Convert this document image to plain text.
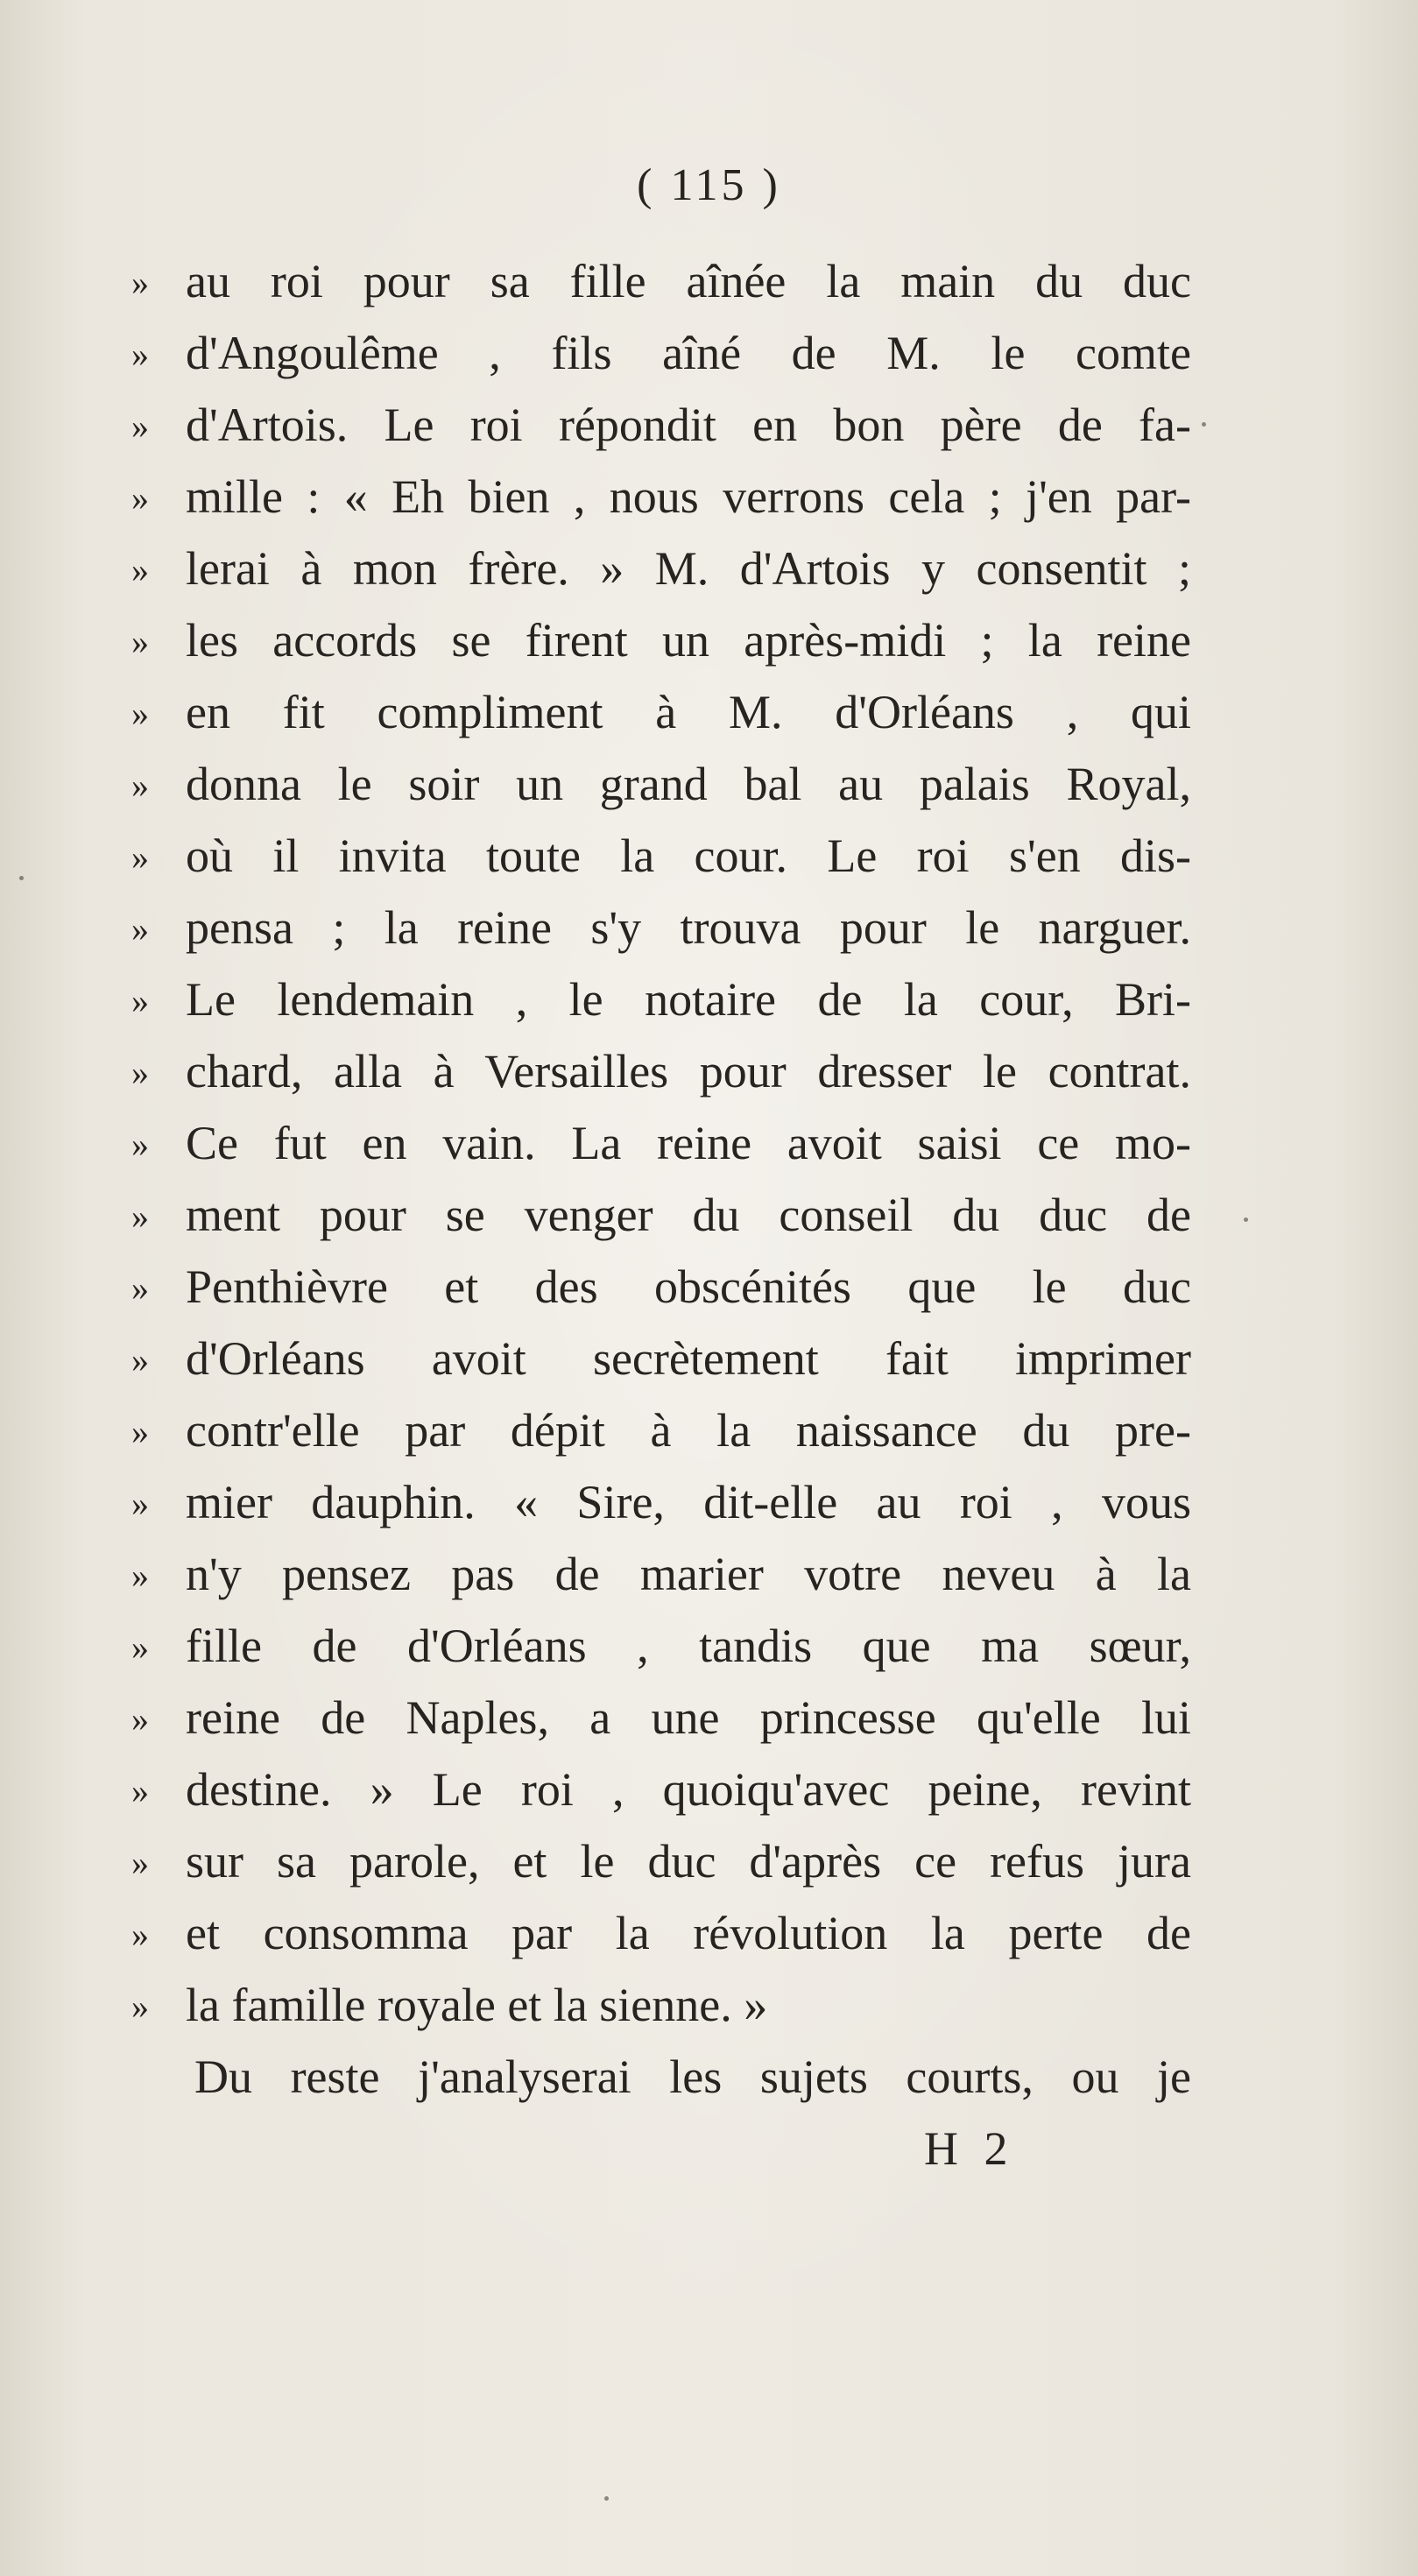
( 115 )
» au roi pour sa fille aînée la main du duc
» d'Angoulême , fils aîné de M. le comte
» d'Artois. Le roi répondit en bon père de fa-
» mille : « Eh bien , nous verrons cela ; j'en par-
» lerai à mon frère. » M. d'Artois y consentit ;
» les accords se firent un après-midi ; la reine
» en fit compliment à M. d'Orléans , qui
» donna le soir un grand bal au palais Royal,
» où il invita toute la cour. Le roi s'en dis-
» pensa ; la reine s'y trouva pour le narguer.
» Le lendemain , le notaire de la cour, Bri-
» chard, alla à Versailles pour dresser le contrat.
» Ce fut en vain. La reine avoit saisi ce mo-
» ment pour se venger du conseil du duc de
» Penthièvre et des obscénités que le duc
» d'Orléans avoit secrètement fait imprimer
» contr'elle par dépit à la naissance du pre-
» mier dauphin. « Sire, dit-elle au roi , vous
» n'y pensez pas de marier votre neveu à la
» fille de d'Orléans , tandis que ma sœur,
» reine de Naples, a une princesse qu'elle lui
» destine. » Le roi , quoiqu'avec peine, revint
» sur sa parole, et le duc d'après ce refus jura
» et consomma par la révolution la perte de
» la famille royale et la sienne. »
Du reste j'analyserai les sujets courts, ou je
H 2
